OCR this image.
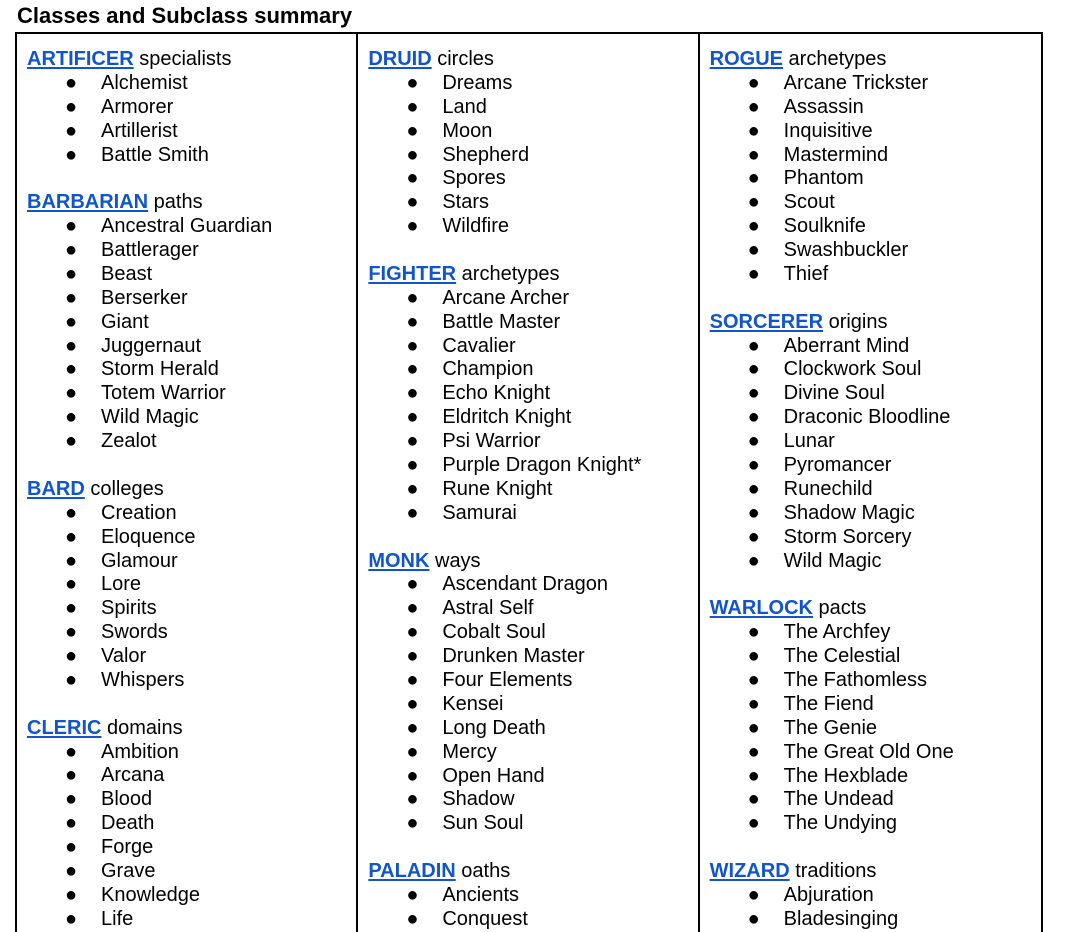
Classes and Subclass summary
ARTIFICER specialists
● Alchemist
● Armorer
● Artillerist
● Battle Smith
BARBARIAN paths
● Ancestral Guardian
● Battlerager
● Beast
● Berserker
● Giant
● Juggernaut
● Storm Herald
● Totem Warrior
● Wild Magic
● Zealot
BARD colleges
● Creation
● Eloquence
● Glamour
● Lore
● Spirits
● Swords
● Valor
● Whispers
CLERIC domains
● Ambition
● Arcana
● Blood
● Death
● Forge
● Grave
● Knowledge
● Life
DRUID circles
● Dreams
● Land
● Moon
● Shepherd
● Spores
● Stars
● Wildfire
FIGHTER archetypes
● Arcane Archer
● Battle Master
● Cavalier
● Champion
● Echo Knight
● Eldritch Knight
● Psi Warrior
● Purple Dragon Knight*
● Rune Knight
● Samurai
MONK ways
● Ascendant Dragon
● Astral Self
● Cobalt Soul
● Drunken Master
● Four Elements
● Kensei
● Long Death
● Mercy
● Open Hand
● Shadow
● Sun Soul
PALADIN oaths
● Ancients
● Conquest
ROGUE archetypes
● Arcane Trickster
● Assassin
● Inquisitive
● Mastermind
● Phantom
● Scout
● Soulknife
● Swashbuckler
● Thief
SORCERER origins
● Aberrant Mind
● Clockwork Soul
● Divine Soul
● Draconic Bloodline
● Lunar
● Pyromancer
● Runechild
● Shadow Magic
● Storm Sorcery
● Wild Magic
WARLOCK pacts
● The Archfey
● The Celestial
● The Fathomless
● The Fiend
● The Genie
● The Great Old One
● The Hexblade
● The Undead
● The Undying
WIZARD traditions
● Abjuration
● Bladesinging
